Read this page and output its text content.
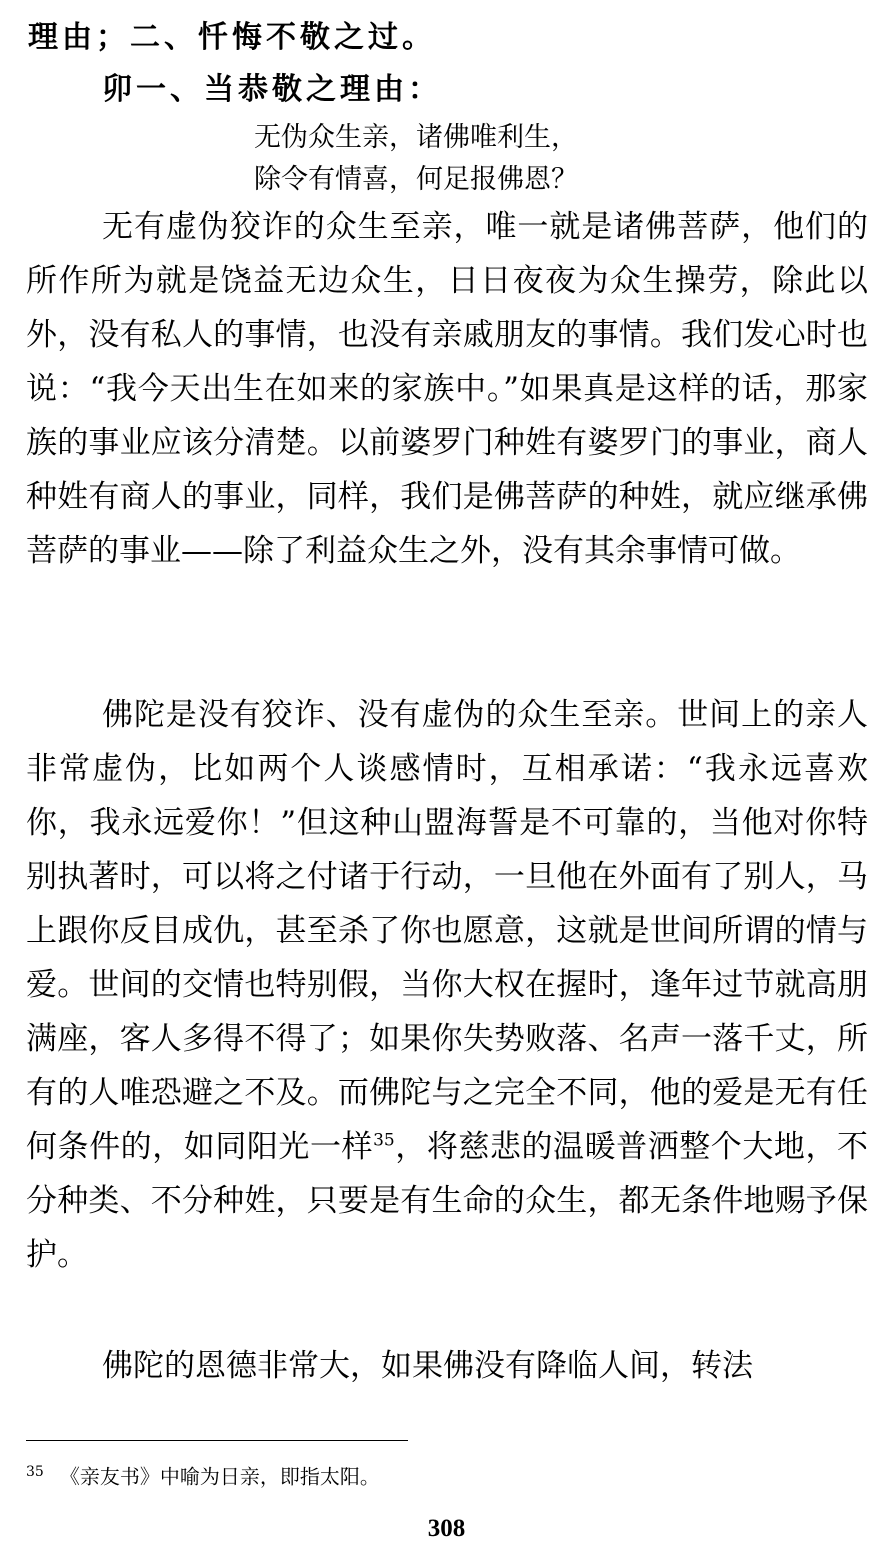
理由；二、忏悔不敬之过。

卯一、当恭敬之理由：

无伪众生亲，诸佛唯利生，

除令有情喜，何足报佛恩？

无有虚伪狡诈的众生至亲，唯一就是诸佛菩萨，他们的所作所为就是饶益无边众生，日日夜夜为众生操劳，除此以外，没有私人的事情，也没有亲戚朋友的事情。我们发心时也说：“我今天出生在如来的家族中。”如果真是这样的话，那家族的事业应该分清楚。以前婆罗门种姓有婆罗门的事业，商人种姓有商人的事业，同样，我们是佛菩萨的种姓，就应继承佛菩萨的事业——除了利益众生之外，没有其余事情可做。

佛陀是没有狡诈、没有虚伪的众生至亲。世间上的亲人非常虚伪，比如两个人谈感情时，互相承诺：“我永远喜欢你，我永远爱你！”但这种山盟海誓是不可靠的，当他对你特别执著时，可以将之付诸于行动，一旦他在外面有了别人，马上跟你反目成仇，甚至杀了你也愿意，这就是世间所谓的情与爱。世间的交情也特别假，当你大权在握时，逢年过节就高朋满座，客人多得不得了；如果你失势败落、名声一落千丈，所有的人唯恐避之不及。而佛陀与之完全不同，他的爱是无有任何条件的，如同阳光一样$^{35}$，将慈悲的温暖普洒整个大地，不分种类、不分种姓，只要是有生命的众生，都无条件地赐予保护。

佛陀的恩德非常大，如果佛没有降临人间，转法

$^{35}$ 《亲友书》中喻为日亲，即指太阳。

308
